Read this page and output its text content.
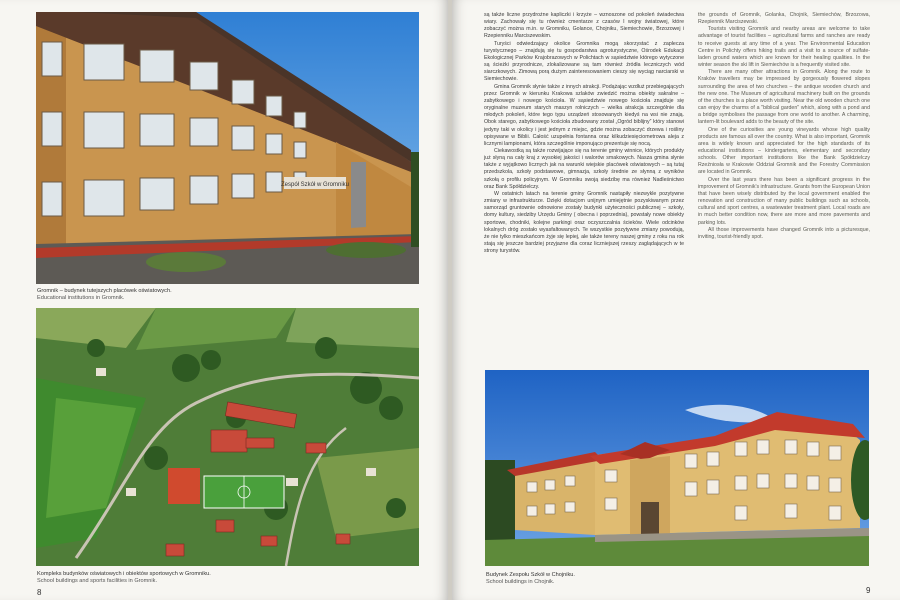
Zespół Szkół w Gromniku
Gromnik – budynek tutejszych placówek oświatowych.
Educational institutions in Gromnik.
Kompleks budynków oświatowych i obiektów sportowych w Gromniku.
School buildings and sports facilities in Gromnik.
8

są także liczne przydrożne kapliczki i krzyże – wznoszone od pokoleń świadectwa wiary. Zachowały się tu również cmentarze z czasów I wojny światowej, które zobaczyć można m.in. w Gromniku, Golance, Chojniku, Siemiechowie, Brzozowej i Rzepienniku Marciszewskim.

Turyści odwiedzający okolice Gromnika mogą skorzystać z zaplecza turystycznego – znajdują się tu gospodarstwa agroturystyczne, Ośrodek Edukacji Ekologicznej Parków Krajobrazowych w Polichtach w sąsiedztwie którego wytyczone są ścieżki przyrodnicze, zlokalizowane są tam również źródła leczniczych wód siarczkowych. Zimową porą dużym zainteresowaniem cieszy się wyciąg narciarski w Siemiechowie.

Gmina Gromnik słynie także z innych atrakcji. Podążając wzdłuż przebiegających przez Gromnik w kierunku Krakowa szlaków zwiedzić można obiekty sakralne – zabytkowego i nowego kościoła. W sąsiedztwie nowego kościoła znajduje się oryginalne muzeum starych maszyn rolniczych – wielka atrakcja szczególnie dla młodych pokoleń, które tego typu urządzeń stosowanych kiedyś na wsi nie znają. Obok starego, zabytkowego kościoła zbudowany został „Ogród biblijny” który stanowi jedyny taki w okolicy i jest jednym z miejsc, gdzie można zobaczyć drzewa i rośliny opisywane w Biblii. Całość uzupełnia fontanna oraz kilkudziesięciometrowa aleja z licznymi lampionami, która szczególnie imponująco prezentuje się nocą.

Ciekawostką są także rozwijające się na terenie gminy winnice, których produkty już słyną na cały kraj z wysokiej jakości i walorów smakowych. Nasza gmina słynie także z wyjątkowo licznych jak na warunki wiejskie placówek oświatowych – są tutaj przedszkola, szkoły podstawowe, gimnazja, szkoły średnie ze słynną z wyników szkołą o profilu policyjnym. W Gromniku swoją siedzibę ma również Nadleśnictwo oraz Bank Spółdzielczy.

W ostatnich latach na terenie gminy Gromnik nastąpiły niezwykle pozytywne zmiany w infrastrukturze. Dzięki dotacjom unijnym umiejętnie pozyskiwanym przez samorząd gruntownie odnowione zostały budynki użyteczności publicznej – szkoły, domy kultury, siedziby Urzędu Gminy ( obecna i poprzednia), powstały nowe obiekty sportowe, chodniki, kolejne parkingi oraz oczyszczalnia ścieków. Wiele odcinków lokalnych dróg zostało wyasfaltowanych. Te wszystkie pozytywne zmiany powodują, że nie tylko mieszkańcom żyje się lepiej, ale także tereny naszej gminy z roku na rok stają się jeszcze bardziej przyjazne dla coraz liczniejszej rzeszy zaglądających w te strony turystów.

the grounds of Gromnik, Golanka, Chojnik, Siemiechów, Brzozowa, Rzepiennik Marciszewski.

Tourists visiting Gromnik and nearby areas are welcome to take advantage of tourist facilities – agricultural farms and ranches are ready to receive guests at any time of a year. The Environmental Education Centre in Polichty offers hiking trails and a visit to a source of sulfate-laden ground waters which are known for their healing qualities. In the winter season the ski lift in Siemiechów is a frequently visited site.

There are many other attractions in Gromnik. Along the route to Kraków travellers may be impressed by gorgeously flowered slopes surrounding the area of two churches – the antique wooden church and the new one. The Museum of agricultural machinery built on the grounds of the churches is a place worth visiting. Near the old wooden church one can enjoy the charms of a "biblical garden" which, along with a pond and a bridge symbolises the passage from one world to another. A charming, lantern-lit boulevard adds to the beauty of the site.

One of the curiosities are young vineyards whose high quality products are famous all over the country. What is also important, Gromnik area is widely known and appreciated for the high standards of its educational institutions – kindergartens, elementary and secondary schools. Other important institutions like the Bank Spółdzielczy Rzeźniosła w Krakowie Oddział Gromnik and the Forestry Commission are located in Gromnik.

Over the last years there has been a significant progress in the improvement of Gromnik's infrastructure. Grants from the European Union that have been wisely distributed by the local government enabled the renovation and construction of many public buildings such as schools, cultural and sport centres, a wastewater treatment plant. Local roads are in much better condition now, there are more and more pavements and parking lots.

All those improvements have changed Gromnik into a picturesque, inviting, tourist-friendly spot.

Budynek Zespołu Szkół w Chojniku.
School buildings in Chojnik.
9
